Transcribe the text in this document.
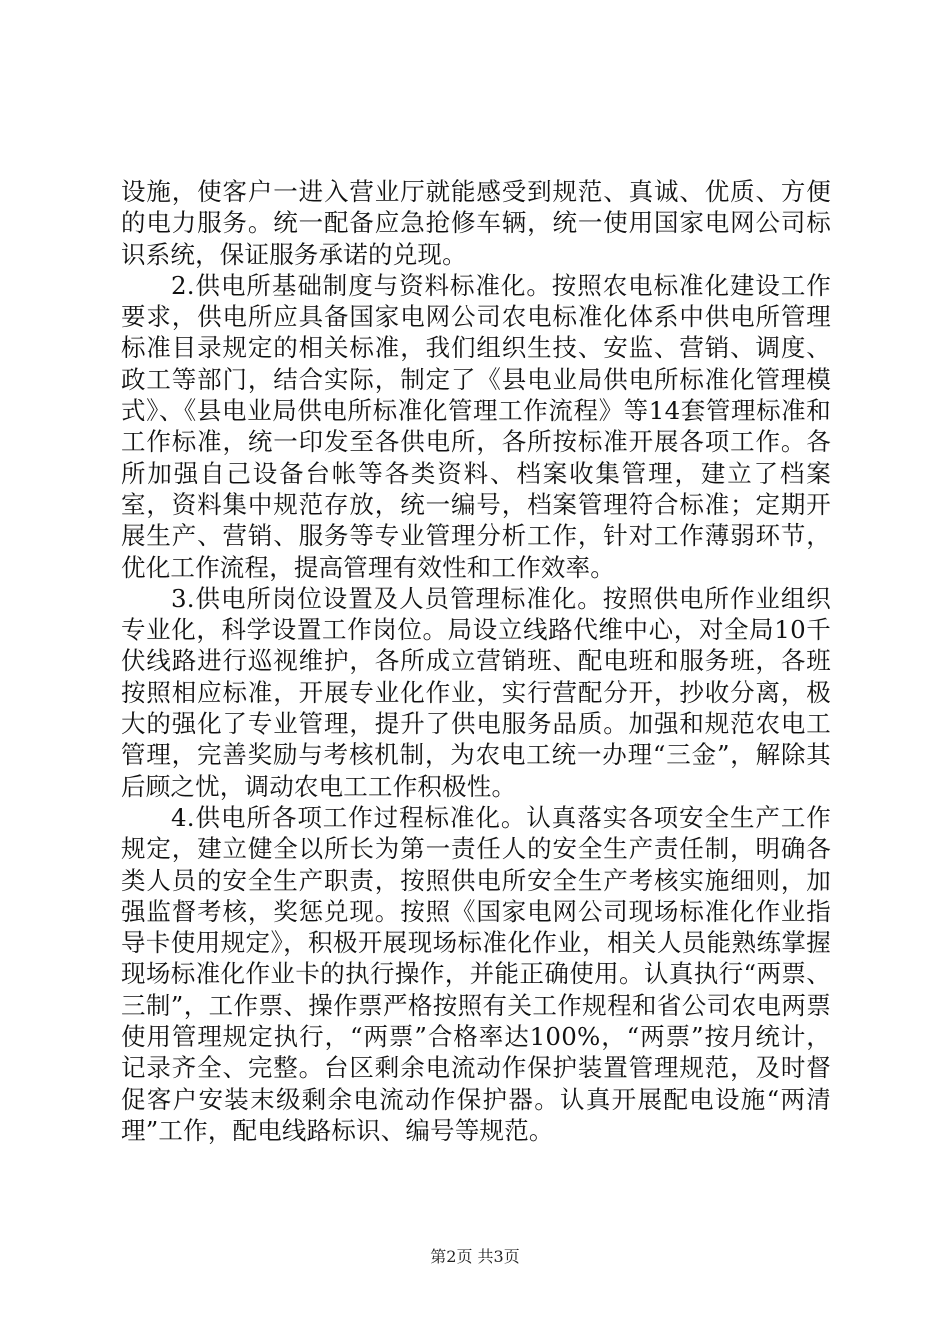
设施，使客户一进入营业厅就能感受到规范、真诚、优质、方便的电力服务。统一配备应急抢修车辆，统一使用国家电网公司标识系统，保证服务承诺的兑现。

2.供电所基础制度与资料标准化。按照农电标准化建设工作要求，供电所应具备国家电网公司农电标准化体系中供电所管理标准目录规定的相关标准，我们组织生技、安监、营销、调度、政工等部门，结合实际，制定了《县电业局供电所标准化管理模式》、《县电业局供电所标准化管理工作流程》等14套管理标准和工作标准，统一印发至各供电所，各所按标准开展各项工作。各所加强自己设备台帐等各类资料、档案收集管理，建立了档案室，资料集中规范存放，统一编号，档案管理符合标准；定期开展生产、营销、服务等专业管理分析工作，针对工作薄弱环节，优化工作流程，提高管理有效性和工作效率。

3.供电所岗位设置及人员管理标准化。按照供电所作业组织专业化，科学设置工作岗位。局设立线路代维中心，对全局10千伏线路进行巡视维护，各所成立营销班、配电班和服务班，各班按照相应标准，开展专业化作业，实行营配分开，抄收分离，极大的强化了专业管理，提升了供电服务品质。加强和规范农电工管理，完善奖励与考核机制，为农电工统一办理“三金”，解除其后顾之忧，调动农电工工作积极性。

4.供电所各项工作过程标准化。认真落实各项安全生产工作规定，建立健全以所长为第一责任人的安全生产责任制，明确各类人员的安全生产职责，按照供电所安全生产考核实施细则，加强监督考核，奖惩兑现。按照《国家电网公司现场标准化作业指导卡使用规定》，积极开展现场标准化作业，相关人员能熟练掌握现场标准化作业卡的执行操作，并能正确使用。认真执行“两票、三制”，工作票、操作票严格按照有关工作规程和省公司农电两票使用管理规定执行，“两票”合格率达100%，“两票”按月统计，记录齐全、完整。台区剩余电流动作保护装置管理规范，及时督促客户安装末级剩余电流动作保护器。认真开展配电设施“两清理”工作，配电线路标识、编号等规范。

第2页 共3页
